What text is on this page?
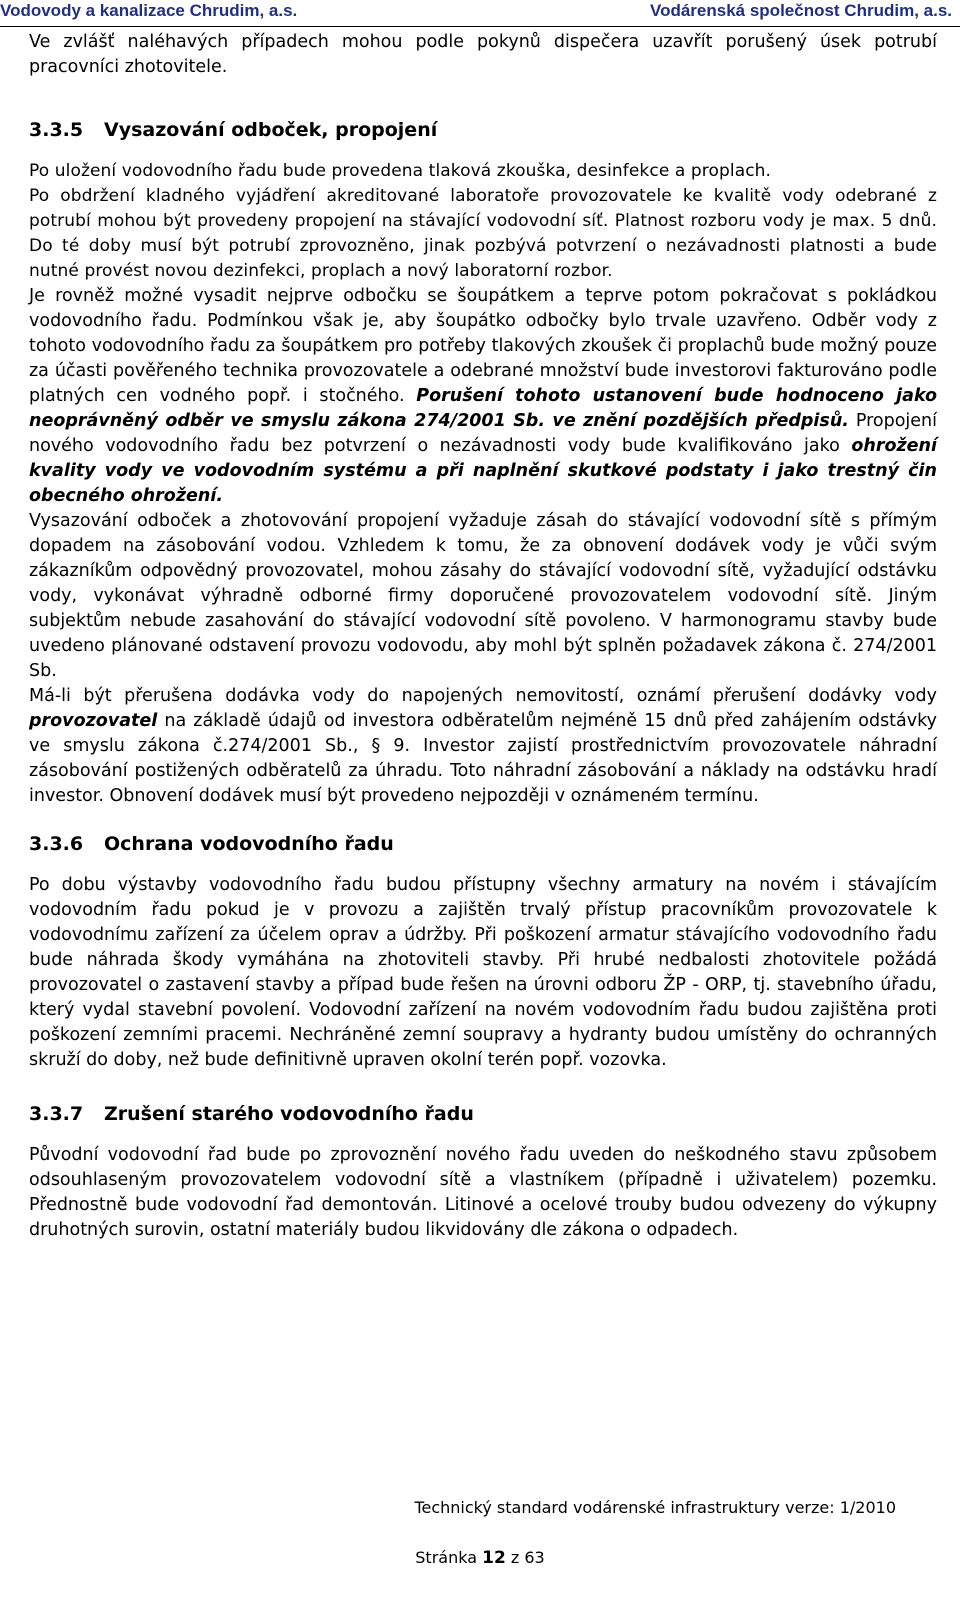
Vodovody a kanalizace Chrudim, a.s.	Vodárenská společnost Chrudim, a.s.

Ve zvlášť naléhavých případech mohou podle pokynů dispečera uzavřít porušený úsek potrubí pracovníci zhotovitele.

3.3.5 Vysazování odboček, propojení

Po uložení vodovodního řadu bude provedena tlaková zkouška, desinfekce a proplach.

Po obdržení kladného vyjádření akreditované laboratoře provozovatele ke kvalitě vody odebrané z potrubí mohou být provedeny propojení na stávající vodovodní síť. Platnost rozboru vody je max. 5 dnů. Do té doby musí být potrubí zprovozněno, jinak pozbývá potvrzení o nezávadnosti platnosti a bude nutné provést novou dezinfekci, proplach a nový laboratorní rozbor.

Je rovněž možné vysadit nejprve odbočku se šoupátkem a teprve potom pokračovat s pokládkou vodovodního řadu. Podmínkou však je, aby šoupátko odbočky bylo trvale uzavřeno. Odběr vody z tohoto vodovodního řadu za šoupátkem pro potřeby tlakových zkoušek či proplachů bude možný pouze za účasti pověřeného technika provozovatele a odebrané množství bude investorovi fakturováno podle platných cen vodného popř. i stočného. Porušení tohoto ustanovení bude hodnoceno jako neoprávněný odběr ve smyslu zákona 274/2001 Sb. ve znění pozdějších předpisů. Propojení nového vodovodního řadu bez potvrzení o nezávadnosti vody bude kvalifikováno jako ohrožení kvality vody ve vodovodním systému a při naplnění skutkové podstaty i jako trestný čin obecného ohrožení.

Vysazování odboček a zhotovování propojení vyžaduje zásah do stávající vodovodní sítě s přímým dopadem na zásobování vodou. Vzhledem k tomu, že za obnovení dodávek vody je vůči svým zákazníkům odpovědný provozovatel, mohou zásahy do stávající vodovodní sítě, vyžadující odstávku vody, vykonávat výhradně odborné firmy doporučené provozovatelem vodovodní sítě. Jiným subjektům nebude zasahování do stávající vodovodní sítě povoleno. V harmonogramu stavby bude uvedeno plánované odstavení provozu vodovodu, aby mohl být splněn požadavek zákona č. 274/2001 Sb.

Má-li být přerušena dodávka vody do napojených nemovitostí, oznámí přerušení dodávky vody provozovatel na základě údajů od investora odběratelům nejméně 15 dnů před zahájením odstávky ve smyslu zákona č.274/2001 Sb., § 9. Investor zajistí prostřednictvím provozovatele náhradní zásobování postižených odběratelů za úhradu. Toto náhradní zásobování a náklady na odstávku hradí investor. Obnovení dodávek musí být provedeno nejpozději v oznámeném termínu.

3.3.6 Ochrana vodovodního řadu

Po dobu výstavby vodovodního řadu budou přístupny všechny armatury na novém i stávajícím vodovodním řadu pokud je v provozu a zajištěn trvalý přístup pracovníkům provozovatele k vodovodnímu zařízení za účelem oprav a údržby. Při poškození armatur stávajícího vodovodního řadu bude náhrada škody vymáhána na zhotoviteli stavby. Při hrubé nedbalosti zhotovitele požádá provozovatel o zastavení stavby a případ bude řešen na úrovni odboru ŽP - ORP, tj. stavebního úřadu, který vydal stavební povolení. Vodovodní zařízení na novém vodovodním řadu budou zajištěna proti poškození zemními pracemi. Nechráněné zemní soupravy a hydranty budou umístěny do ochranných skruží do doby, než bude definitivně upraven okolní terén popř. vozovka.

3.3.7 Zrušení starého vodovodního řadu

Původní vodovodní řad bude po zprovoznění nového řadu uveden do neškodného stavu způsobem odsouhlaseným provozovatelem vodovodní sítě a vlastníkem (případně i uživatelem) pozemku. Přednostně bude vodovodní řad demontován. Litinové a ocelové trouby budou odvezeny do výkupny druhotných surovin, ostatní materiály budou likvidovány dle zákona o odpadech.

Technický standard vodárenské infrastruktury verze: 1/2010
Stránka 12 z 63
